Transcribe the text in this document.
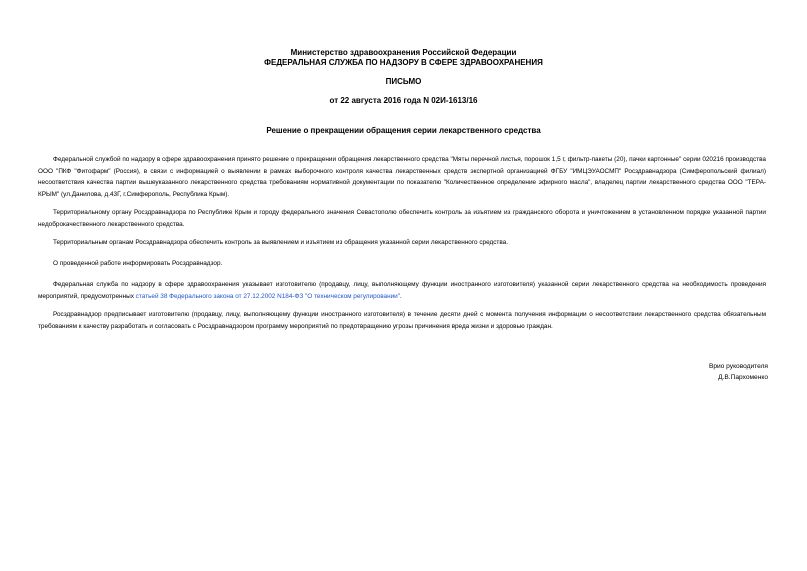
Министерство здравоохранения Российской Федерации
ФЕДЕРАЛЬНАЯ СЛУЖБА ПО НАДЗОРУ В СФЕРЕ ЗДРАВООХРАНЕНИЯ
ПИСЬМО
от 22 августа 2016 года N 02И-1613/16
Решение о прекращении обращения серии лекарственного средства
Федеральной службой по надзору в сфере здравоохранения принято решение о прекращении обращения лекарственного средства "Мяты перечной листья, порошок 1,5 г, фильтр-пакеты (20), пачки картонные" серии 020216 производства ООО "ПКФ "Фитофарм" (Россия), в связи с информацией о выявлении в рамках выборочного контроля качества лекарственных средств экспертной организацией ФГБУ "ИМЦЭУАОСМП" Росздравнадзора (Симферопольский филиал) несоответствия качества партии вышеуказанного лекарственного средства требованиям нормативной документации по показателю "Количественное определение эфирного масла", владелец партии лекарственного средства ООО "ТЕРА-КРЫМ" (ул.Данилова, д.43Г, г.Симферополь, Республика Крым).
Территориальному органу Росздравнадзора по Республике Крым и городу федерального значения Севастополю обеспечить контроль за изъятием из гражданского оборота и уничтожением в установленном порядке указанной партии недоброкачественного лекарственного средства.
Территориальным органам Росздравнадзора обеспечить контроль за выявлением и изъятием из обращения указанной серии лекарственного средства.
О проведенной работе информировать Росздравнадзор.
Федеральная служба по надзору в сфере здравоохранения указывает изготовителю (продавцу, лицу, выполняющему функции иностранного изготовителя) указанной серии лекарственного средства на необходимость проведения мероприятий, предусмотренных статьей 38 Федерального закона от 27.12.2002 N184-ФЗ "О техническом регулировании".
Росздравнадзор предписывает изготовителю (продавцу, лицу, выполняющему функции иностранного изготовителя) в течение десяти дней с момента получения информации о несоответствии лекарственного средства обязательным требованиям к качеству разработать и согласовать с Росздравнадзором программу мероприятий по предотвращению угрозы причинения вреда жизни и здоровью граждан.
Врио руководителя
Д.В.Пархоменко
